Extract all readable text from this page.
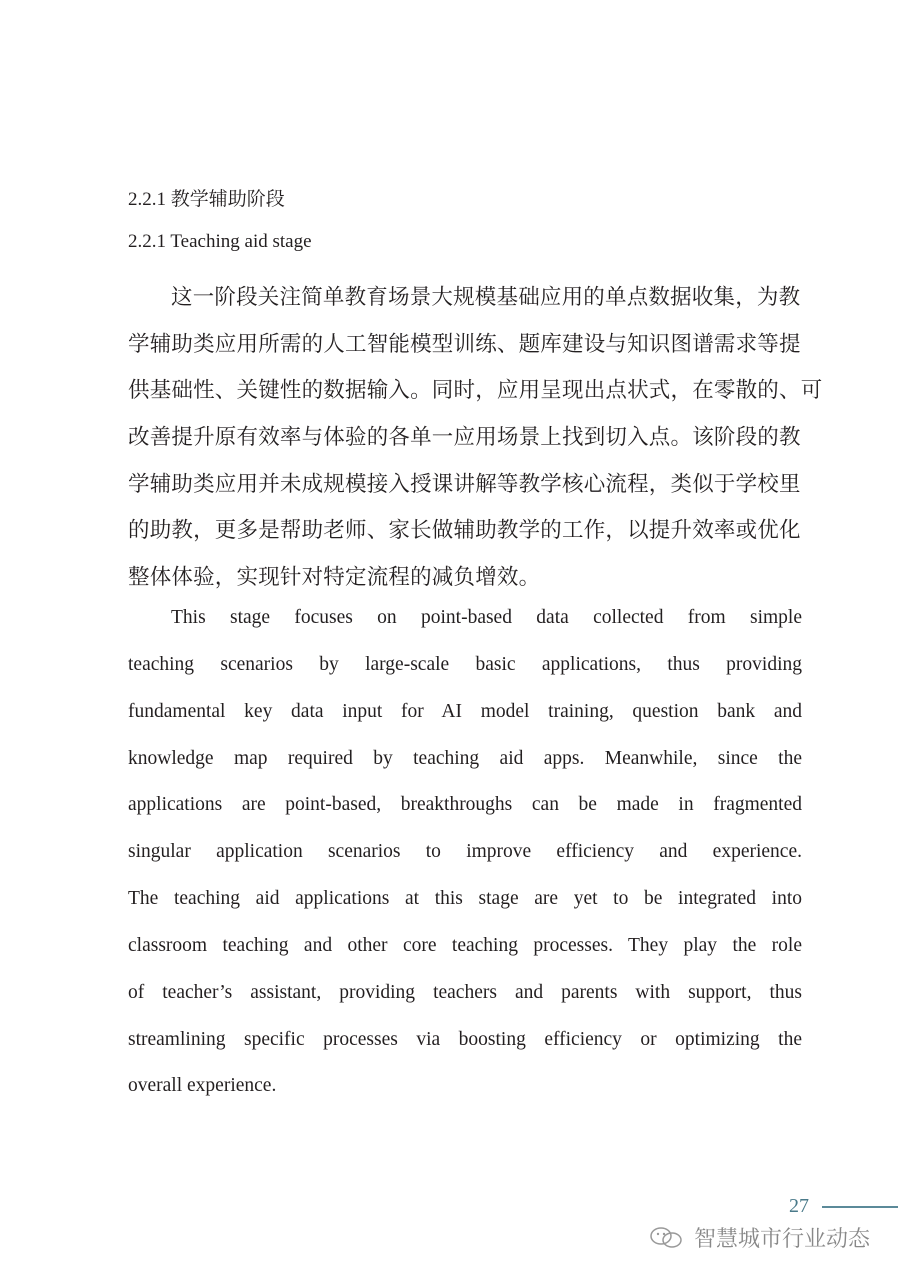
2.2.1 教学辅助阶段
2.2.1 Teaching aid stage
这一阶段关注简单教育场景大规模基础应用的单点数据收集，为教
学辅助类应用所需的人工智能模型训练、题库建设与知识图谱需求等提
供基础性、关键性的数据输入。同时，应用呈现出点状式，在零散的、可
改善提升原有效率与体验的各单一应用场景上找到切入点。该阶段的教
学辅助类应用并未成规模接入授课讲解等教学核心流程，类似于学校里
的助教，更多是帮助老师、家长做辅助教学的工作，以提升效率或优化
整体体验，实现针对特定流程的减负增效。
This stage focuses on point-based data collected from simple
teaching scenarios by large-scale basic applications, thus providing
fundamental key data input for AI model training, question bank and
knowledge map required by teaching aid apps. Meanwhile, since the
applications are point-based, breakthroughs can be made in fragmented
singular application scenarios to improve efficiency and experience.
The teaching aid applications at this stage are yet to be integrated into
classroom teaching and other core teaching processes. They play the role
of teacher’s assistant, providing teachers and parents with support, thus
streamlining specific processes via boosting efficiency or optimizing the
overall experience.
27
智慧城市行业动态
